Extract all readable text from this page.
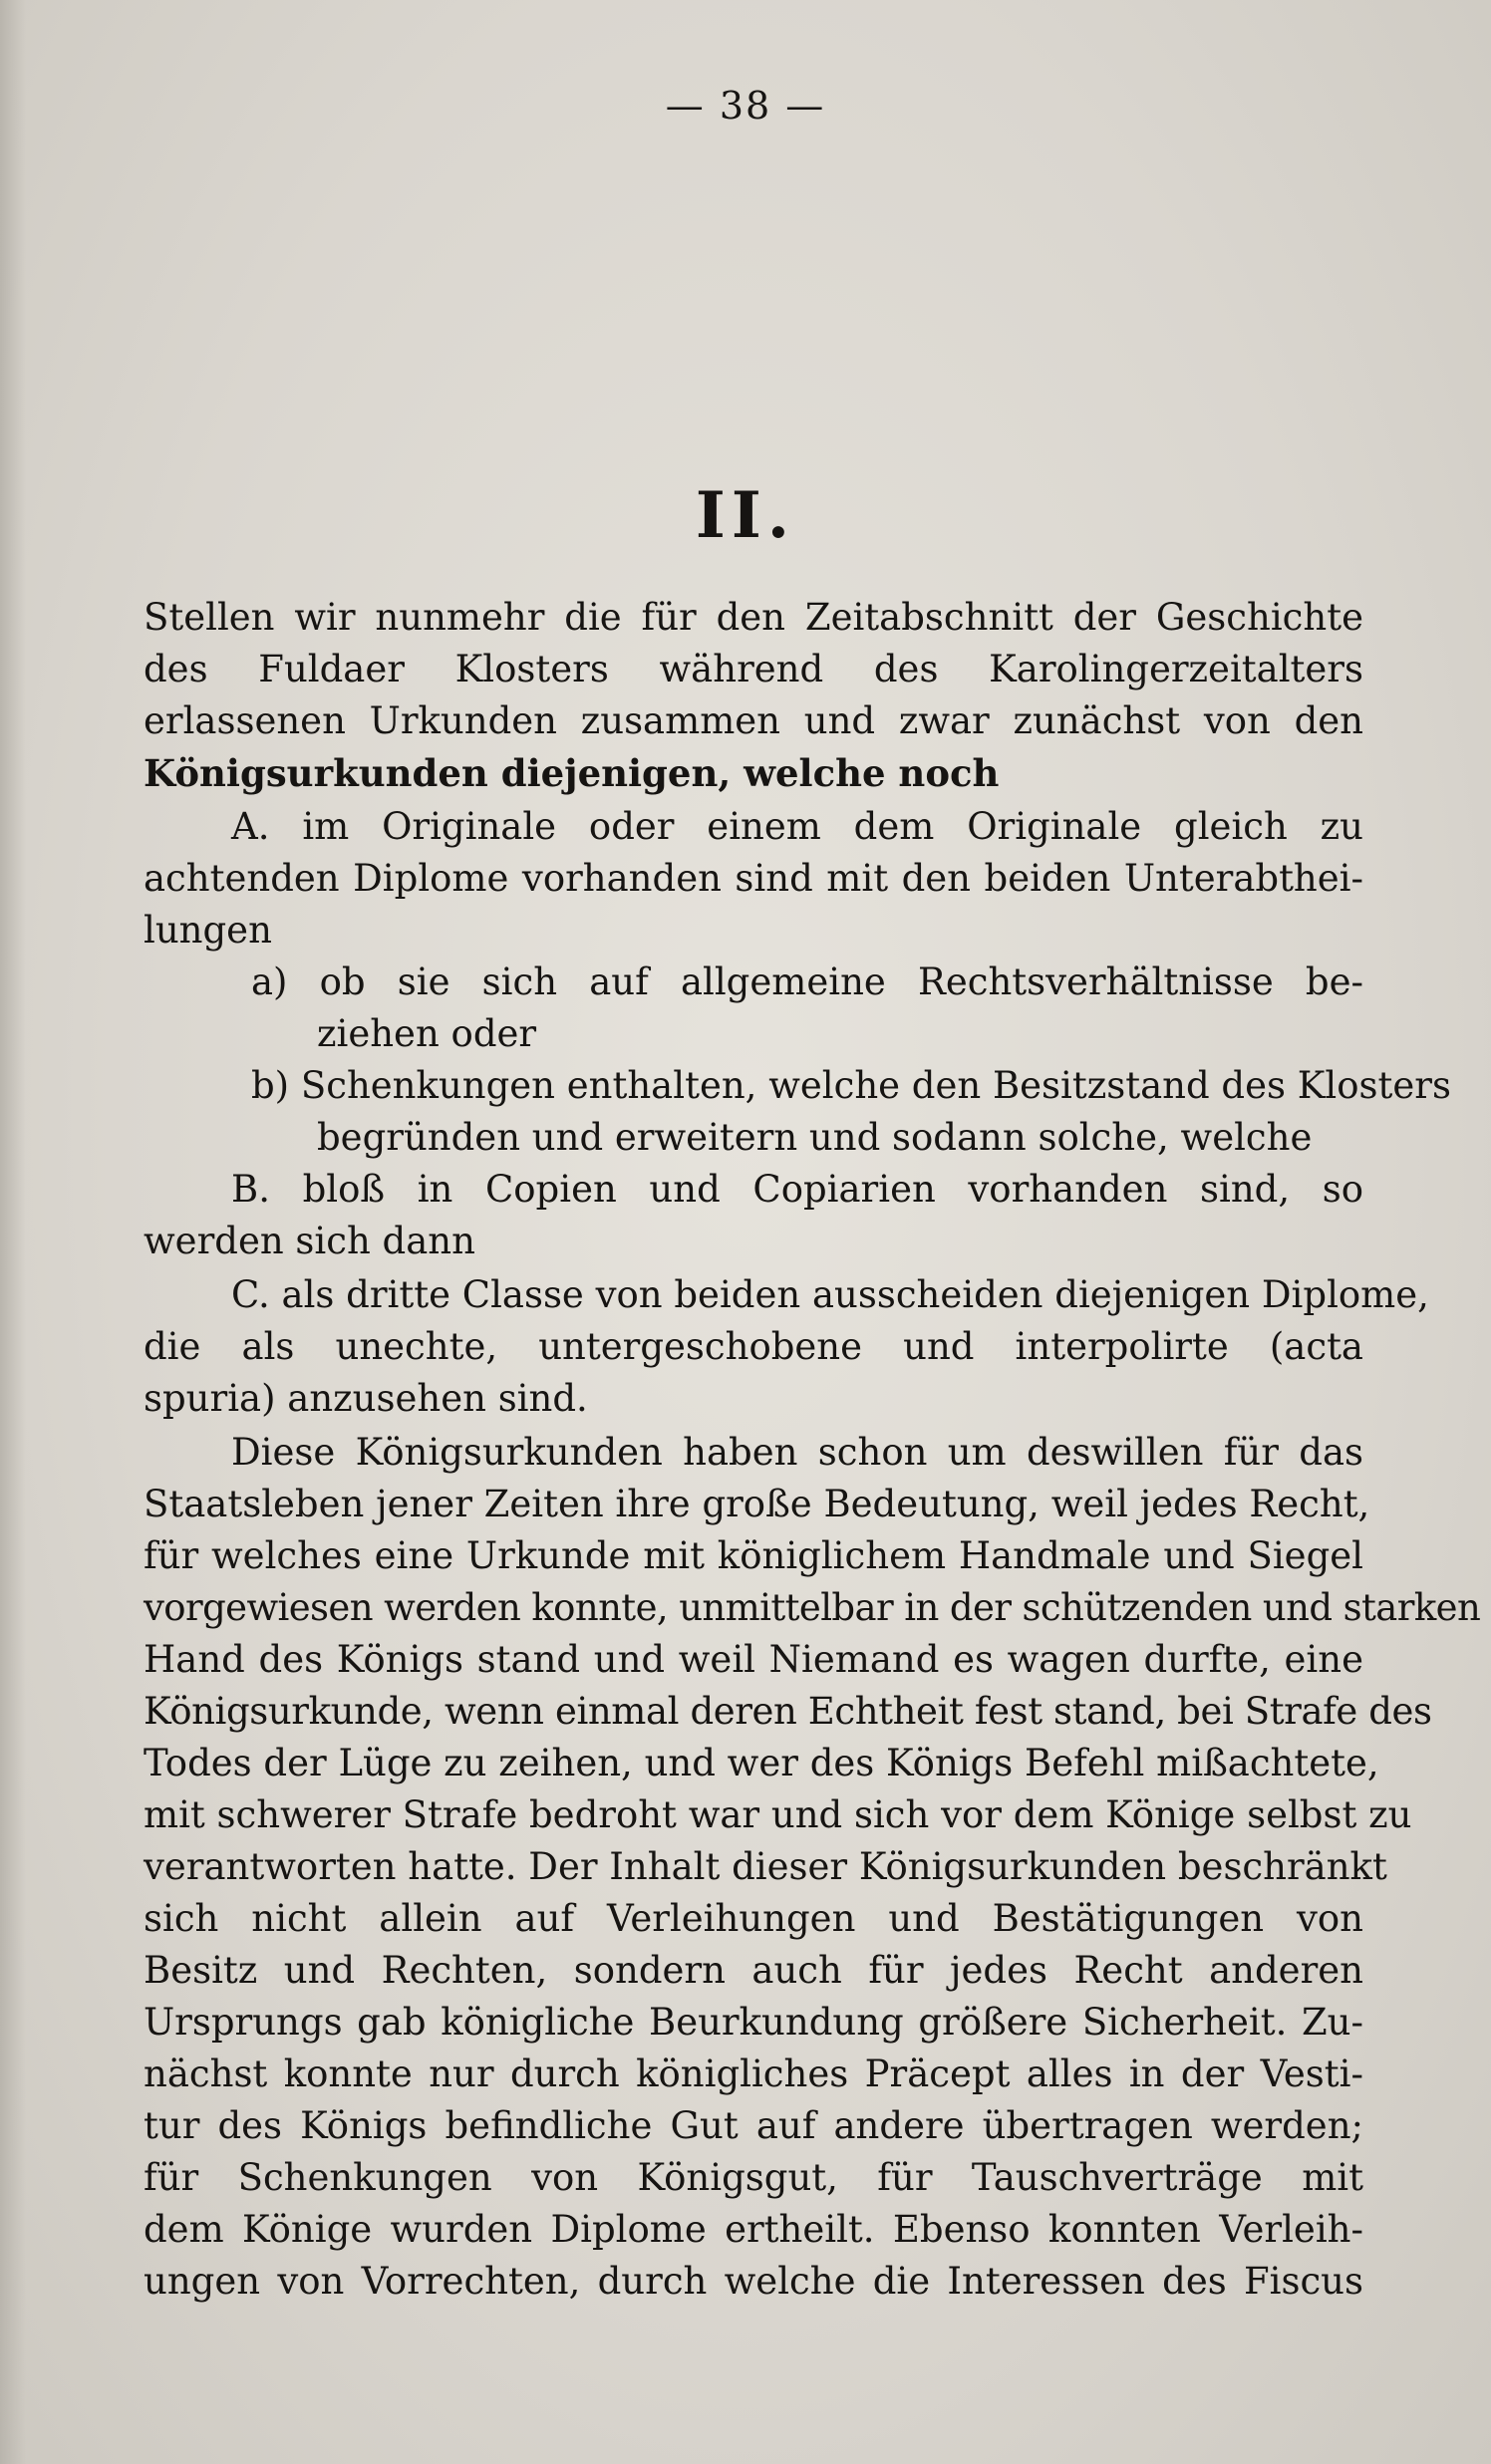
— 38 —
II.
Stellen wir nunmehr die für den Zeitabschnitt der Geschichte
des Fuldaer Klosters während des Karolingerzeitalters
erlassenen Urkunden zusammen und zwar zunächst von den
Königsurkunden diejenigen, welche noch
A. im Originale oder einem dem Originale gleich zu
achtenden Diplome vorhanden sind mit den beiden Unterabthei-
lungen
a) ob sie sich auf allgemeine Rechtsverhältnisse be-
ziehen oder
b) Schenkungen enthalten, welche den Besitzstand des Klosters
begründen und erweitern und sodann solche, welche
B. bloß in Copien und Copiarien vorhanden sind, so
werden sich dann
C. als dritte Classe von beiden ausscheiden diejenigen Diplome,
die als unechte, untergeschobene und interpolirte (acta
spuria) anzusehen sind.
Diese Königsurkunden haben schon um deswillen für das
Staatsleben jener Zeiten ihre große Bedeutung, weil jedes Recht,
für welches eine Urkunde mit königlichem Handmale und Siegel
vorgewiesen werden konnte, unmittelbar in der schützenden und starken
Hand des Königs stand und weil Niemand es wagen durfte, eine
Königsurkunde, wenn einmal deren Echtheit fest stand, bei Strafe des
Todes der Lüge zu zeihen, und wer des Königs Befehl mißachtete,
mit schwerer Strafe bedroht war und sich vor dem Könige selbst zu
verantworten hatte. Der Inhalt dieser Königsurkunden beschränkt
sich nicht allein auf Verleihungen und Bestätigungen von
Besitz und Rechten, sondern auch für jedes Recht anderen
Ursprungs gab königliche Beurkundung größere Sicherheit. Zu-
nächst konnte nur durch königliches Präcept alles in der Vesti-
tur des Königs befindliche Gut auf andere übertragen werden;
für Schenkungen von Königsgut, für Tauschverträge mit
dem Könige wurden Diplome ertheilt. Ebenso konnten Verleih-
ungen von Vorrechten, durch welche die Interessen des Fiscus
